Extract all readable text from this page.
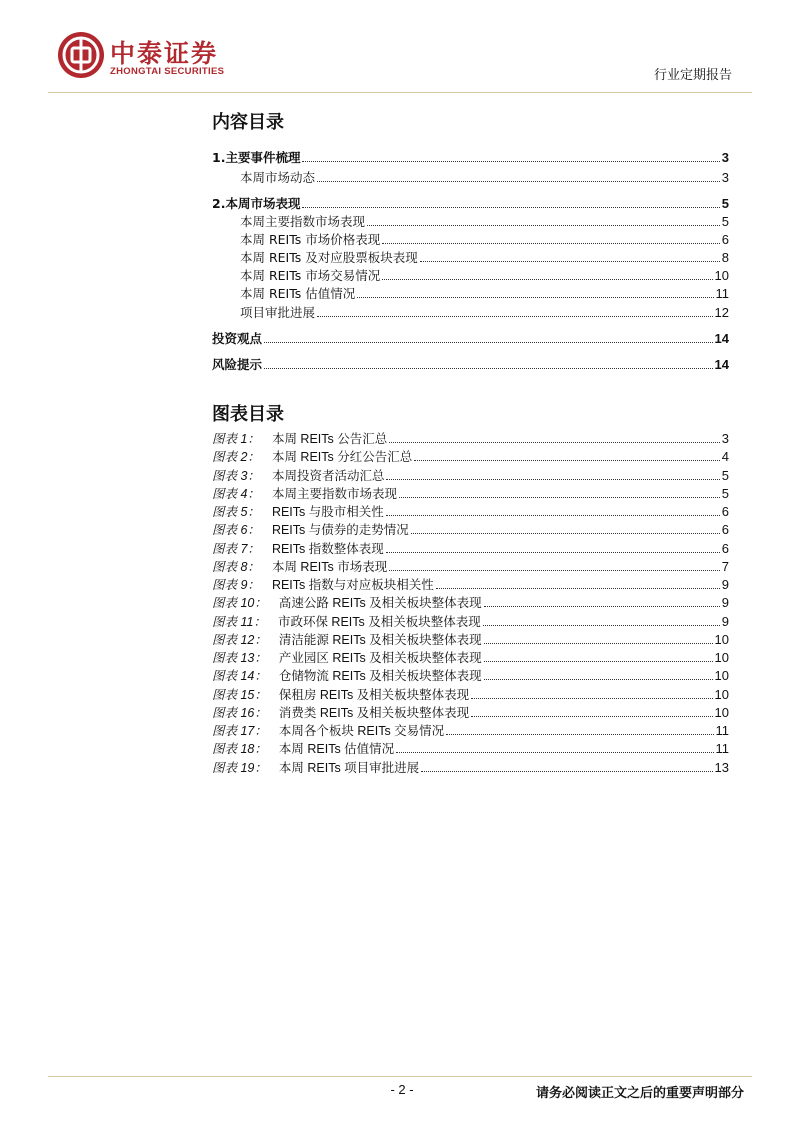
中泰证券
ZHONGTAI SECURITIES	行业定期报告
内容目录
1.主要事件梳理	3
本周市场动态	3
2.本周市场表现	5
本周主要指数市场表现	5
本周 REITs 市场价格表现	6
本周 REITs 及对应股票板块表现	8
本周 REITs 市场交易情况	10
本周 REITs 估值情况	11
项目审批进展	12
投资观点	14
风险提示	14
图表目录
图表 1： 本周 REITs 公告汇总	3
图表 2： 本周 REITs 分红公告汇总	4
图表 3： 本周投资者活动汇总	5
图表 4： 本周主要指数市场表现	5
图表 5： REITs 与股市相关性	6
图表 6： REITs 与债券的走势情况	6
图表 7： REITs 指数整体表现	6
图表 8： 本周 REITs 市场表现	7
图表 9： REITs 指数与对应板块相关性	9
图表 10： 高速公路 REITs 及相关板块整体表现	9
图表 11： 市政环保 REITs 及相关板块整体表现	9
图表 12： 清洁能源 REITs 及相关板块整体表现	10
图表 13： 产业园区 REITs 及相关板块整体表现	10
图表 14： 仓储物流 REITs 及相关板块整体表现	10
图表 15： 保租房 REITs 及相关板块整体表现	10
图表 16： 消费类 REITs 及相关板块整体表现	10
图表 17： 本周各个板块 REITs 交易情况	11
图表 18： 本周 REITs 估值情况	11
图表 19： 本周 REITs 项目审批进展	13
- 2 -	请务必阅读正文之后的重要声明部分
